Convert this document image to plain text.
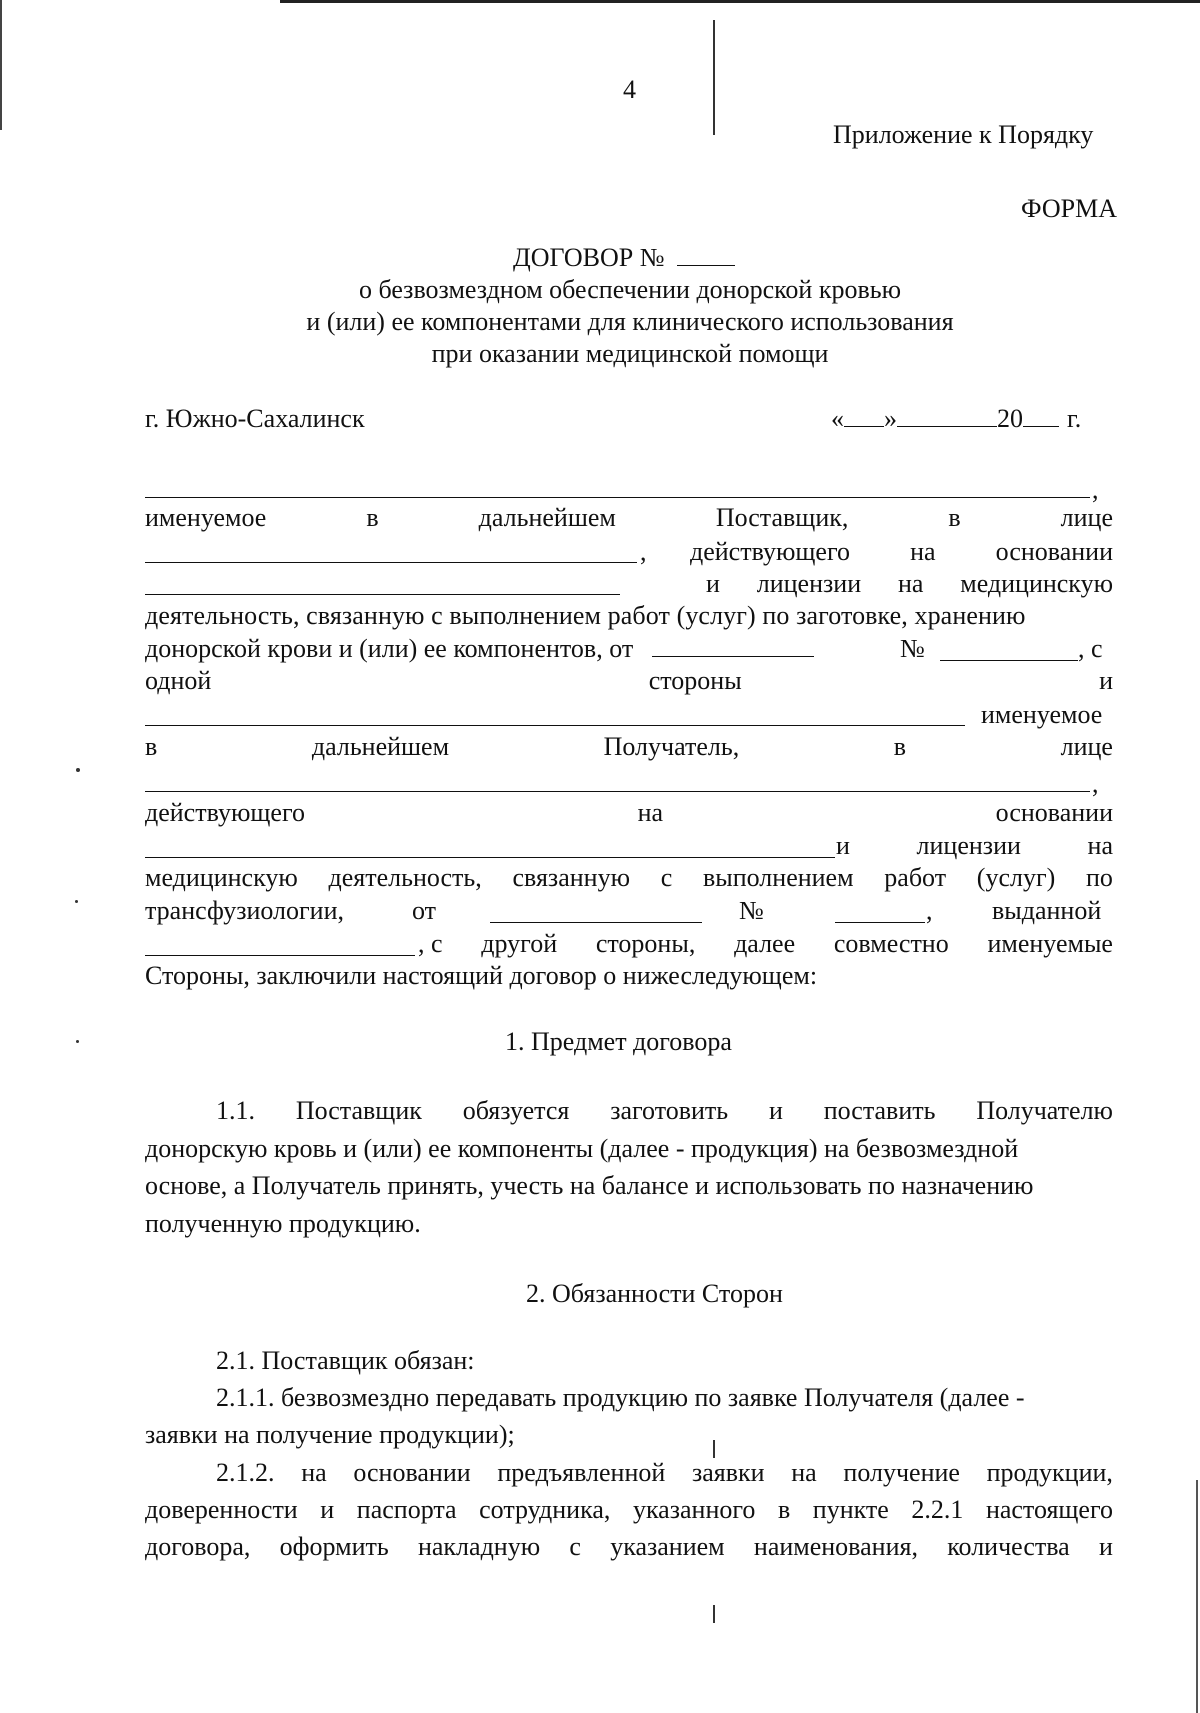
4
Приложение к Порядку
ФОРМА
ДОГОВОР №
о безвозмездном обеспечении донорской кровью
и (или) ее компонентами для клинического использования
при оказании медицинской помощи
г. Южно-Сахалинск	« »	20 г.
,
именуемое	в	дальнейшем	Поставщик,	в	лице
, действующего на основании
и лицензии на медицинскую
деятельность, связанную с выполнением работ (услуг) по заготовке, хранению
донорской крови и (или) ее компонентов, от	№	, с
одной	стороны	и
именуемое
в	дальнейшем	Получатель,	в	лице
,
действующего	на	основании
и	лицензии	на
медицинскую деятельность, связанную с выполнением работ (услуг) по
трансфузиологии,	от	№	, выданной
, с другой стороны, далее совместно именуемые
Стороны, заключили настоящий договор о нижеследующем:
1. Предмет договора
1.1. Поставщик обязуется заготовить и поставить Получателю
донорскую кровь и (или) ее компоненты (далее - продукция) на безвозмездной
основе, а Получатель принять, учесть на балансе и использовать по назначению
полученную продукцию.
2. Обязанности Сторон
2.1. Поставщик обязан:
2.1.1. безвозмездно передавать продукцию по заявке Получателя (далее -
заявки на получение продукции);
2.1.2. на основании предъявленной заявки на получение продукции,
доверенности и паспорта сотрудника, указанного в пункте 2.2.1 настоящего
договора, оформить накладную с указанием наименования, количества и
